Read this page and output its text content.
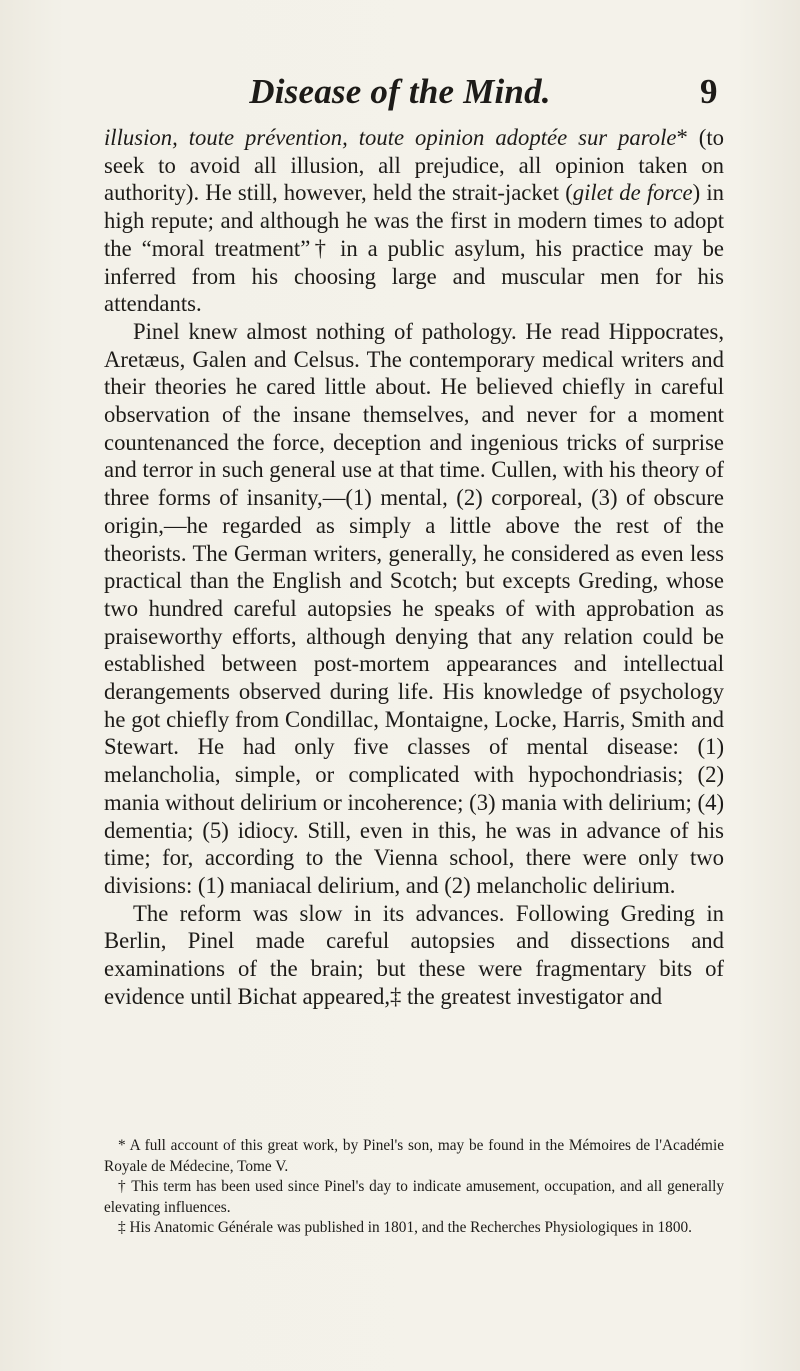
Disease of the Mind.	9

illusion, toute prévention, toute opinion adoptée sur parole* (to seek to avoid all illusion, all prejudice, all opinion taken on authority). He still, however, held the strait-jacket (gilet de force) in high repute; and although he was the first in modern times to adopt the “moral treatment”† in a public asylum, his practice may be inferred from his choosing large and muscular men for his attendants.

Pinel knew almost nothing of pathology. He read Hippocrates, Aretæus, Galen and Celsus. The contemporary medical writers and their theories he cared little about. He believed chiefly in careful observation of the insane themselves, and never for a moment countenanced the force, deception and ingenious tricks of surprise and terror in such general use at that time. Cullen, with his theory of three forms of insanity,—(1) mental, (2) corporeal, (3) of obscure origin,—he regarded as simply a little above the rest of the theorists. The German writers, generally, he considered as even less practical than the English and Scotch; but excepts Greding, whose two hundred careful autopsies he speaks of with approbation as praiseworthy efforts, although denying that any relation could be established between post-mortem appearances and intellectual derangements observed during life. His knowledge of psychology he got chiefly from Condillac, Montaigne, Locke, Harris, Smith and Stewart. He had only five classes of mental disease: (1) melancholia, simple, or complicated with hypochondriasis; (2) mania without delirium or incoherence; (3) mania with delirium; (4) dementia; (5) idiocy. Still, even in this, he was in advance of his time; for, according to the Vienna school, there were only two divisions: (1) maniacal delirium, and (2) melancholic delirium.

The reform was slow in its advances. Following Greding in Berlin, Pinel made careful autopsies and dissections and examinations of the brain; but these were fragmentary bits of evidence until Bichat appeared,‡ the greatest investigator and

* A full account of this great work, by Pinel's son, may be found in the Mémoires de l'Académie Royale de Médecine, Tome V.

† This term has been used since Pinel's day to indicate amusement, occupation, and all generally elevating influences.

‡ His Anatomic Générale was published in 1801, and the Recherches Physiologiques in 1800.
